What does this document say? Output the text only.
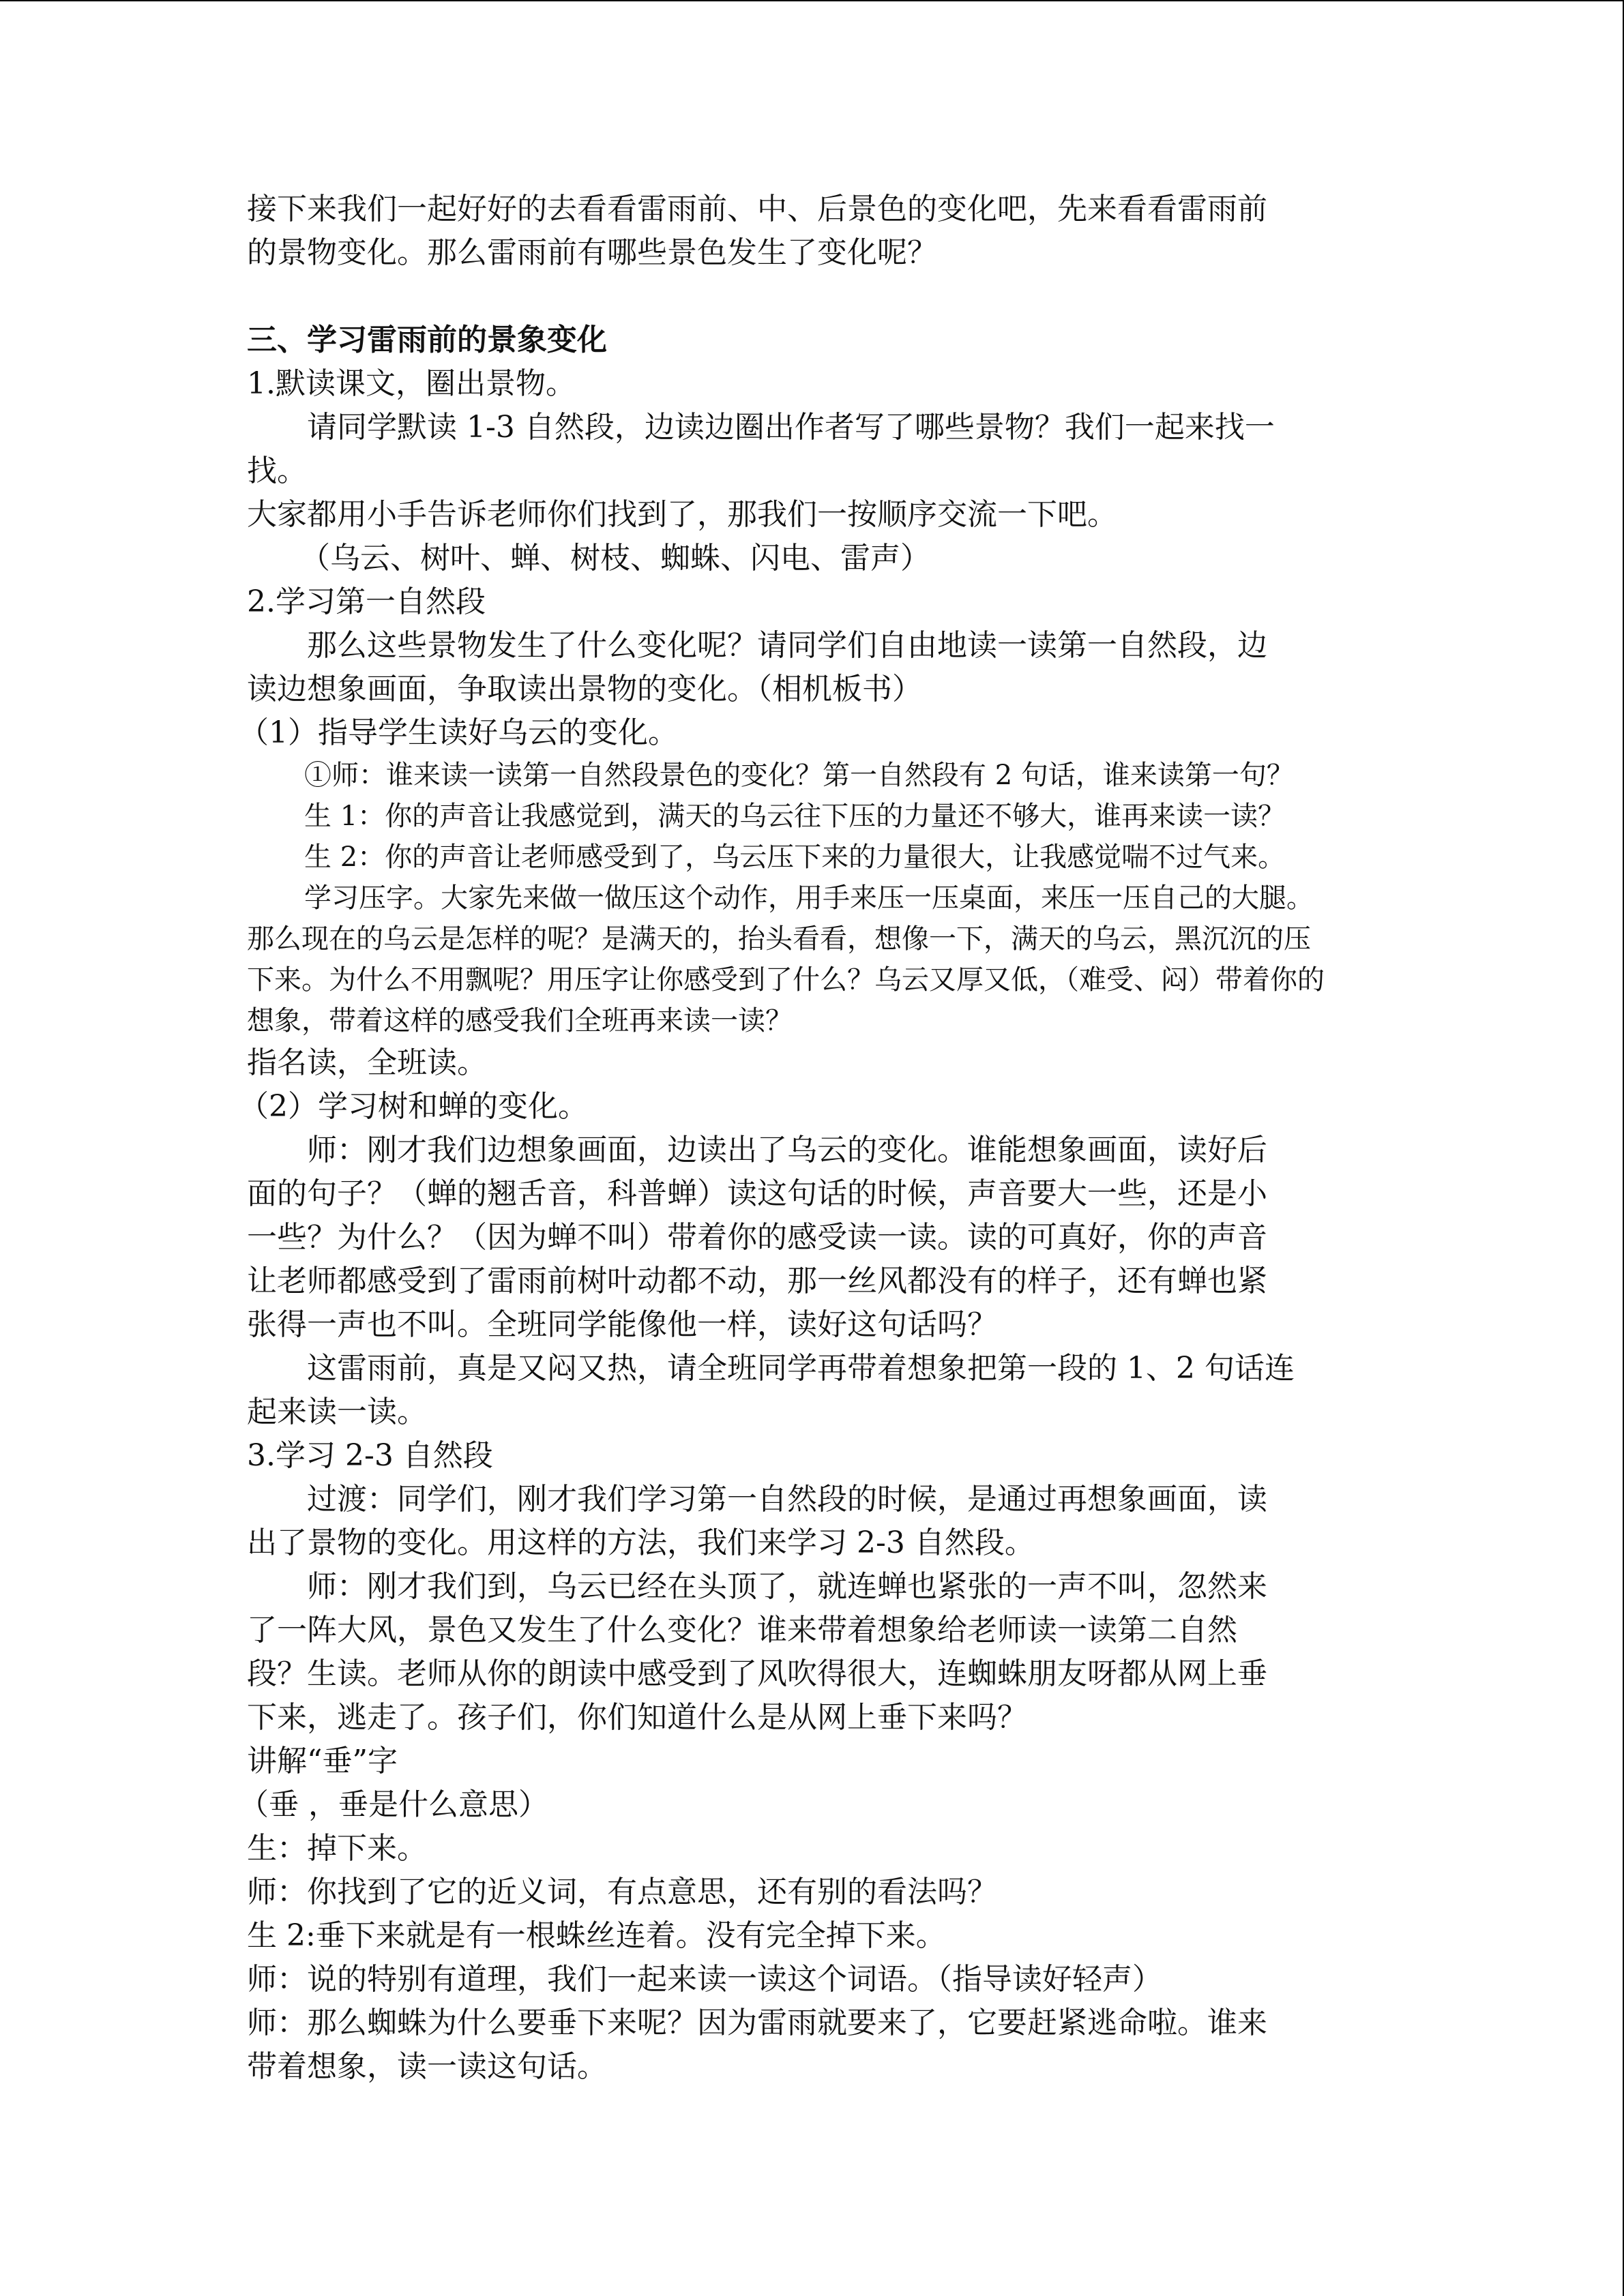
接下来我们一起好好的去看看雷雨前、中、后景色的变化吧，先来看看雷雨前

的景物变化。那么雷雨前有哪些景色发生了变化呢？

三、学习雷雨前的景象变化

1.默读课文，圈出景物。

请同学默读 1-3 自然段，边读边圈出作者写了哪些景物？我们一起来找一

找。

大家都用小手告诉老师你们找到了，那我们一按顺序交流一下吧。

（乌云、树叶、蝉、树枝、蜘蛛、闪电、雷声）

2.学习第一自然段

那么这些景物发生了什么变化呢？请同学们自由地读一读第一自然段，边

读边想象画面，争取读出景物的变化。（相机板书）

（1）指导学生读好乌云的变化。

①师：谁来读一读第一自然段景色的变化？第一自然段有 2 句话，谁来读第一句？

生 1：你的声音让我感觉到，满天的乌云往下压的力量还不够大，谁再来读一读？

生 2：你的声音让老师感受到了，乌云压下来的力量很大，让我感觉喘不过气来。

学习压字。大家先来做一做压这个动作，用手来压一压桌面，来压一压自己的大腿。

那么现在的乌云是怎样的呢？是满天的，抬头看看，想像一下，满天的乌云，黑沉沉的压

下来。为什么不用飘呢？用压字让你感受到了什么？乌云又厚又低，（难受、闷）带着你的

想象，带着这样的感受我们全班再来读一读？

指名读，全班读。

（2）学习树和蝉的变化。

师：刚才我们边想象画面，边读出了乌云的变化。谁能想象画面，读好后

面的句子？（蝉的翘舌音，科普蝉）读这句话的时候，声音要大一些，还是小

一些？为什么？（因为蝉不叫）带着你的感受读一读。读的可真好，你的声音

让老师都感受到了雷雨前树叶动都不动，那一丝风都没有的样子，还有蝉也紧

张得一声也不叫。全班同学能像他一样，读好这句话吗？

这雷雨前，真是又闷又热，请全班同学再带着想象把第一段的 1、2 句话连

起来读一读。

3.学习 2-3 自然段

过渡：同学们，刚才我们学习第一自然段的时候，是通过再想象画面，读

出了景物的变化。用这样的方法，我们来学习 2-3 自然段。

师：刚才我们到，乌云已经在头顶了，就连蝉也紧张的一声不叫，忽然来

了一阵大风，景色又发生了什么变化？谁来带着想象给老师读一读第二自然

段？生读。老师从你的朗读中感受到了风吹得很大，连蜘蛛朋友呀都从网上垂

下来，逃走了。孩子们，你们知道什么是从网上垂下来吗？

讲解“垂”字

（垂 ，垂是什么意思）

生：掉下来。

师：你找到了它的近义词，有点意思，还有别的看法吗？

生 2:垂下来就是有一根蛛丝连着。没有完全掉下来。

师：说的特别有道理，我们一起来读一读这个词语。（指导读好轻声）

师：那么蜘蛛为什么要垂下来呢？因为雷雨就要来了，它要赶紧逃命啦。谁来

带着想象，读一读这句话。
